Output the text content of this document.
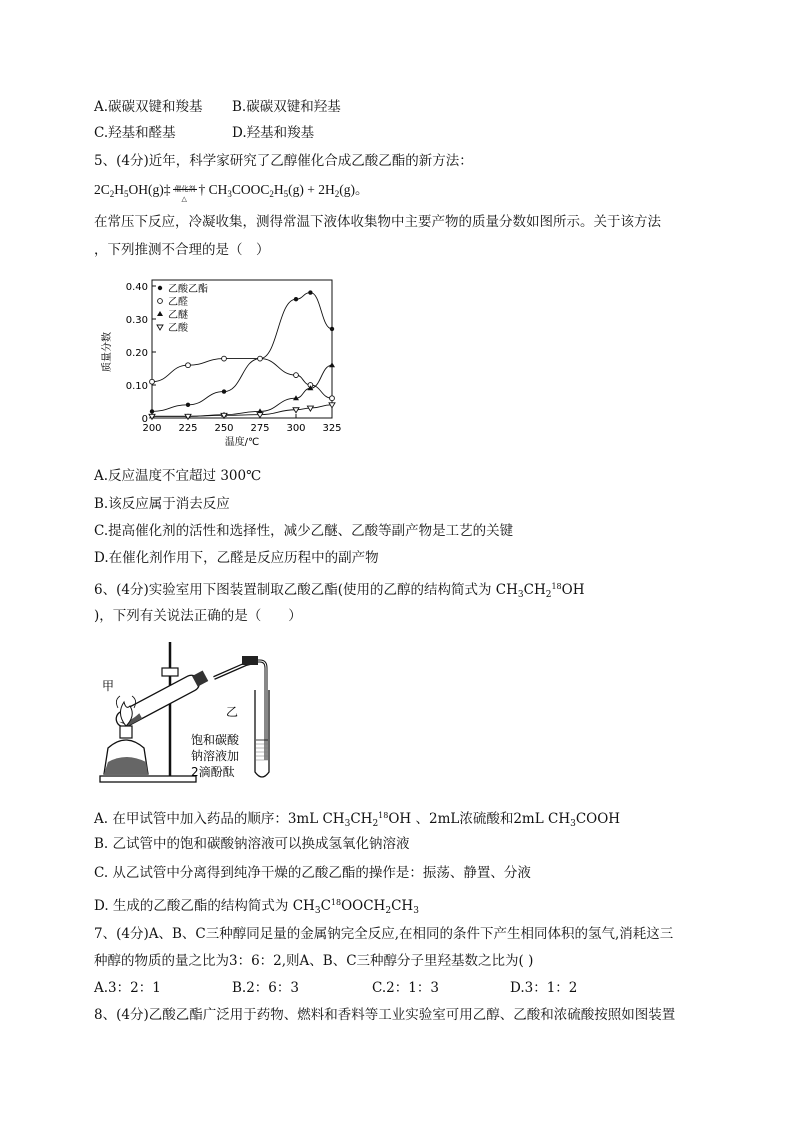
A.碳碳双键和羧基 B.碳碳双键和羟基
C.羟基和醛基	D.羟基和羧基
5、(4分)近年，科学家研究了乙醇催化合成乙酸乙酯的新方法：
$2C_2H_5OH(g)\ddagger$ 催化剂
△
† $CH_3COOC_2H_5(g) + 2H_2(g)$。
在常压下反应，冷凝收集，测得常温下液体收集物中主要产物的质量分数如图所示。关于该方法
，下列推测不合理的是（　）
0
0.10
0.20
0.30
0.40
200 225 250 275 300 325
温度/℃
质量分数
乙酸乙酯
乙醛
乙醚
乙酸
A.反应温度不宜超过 300℃
B.该反应属于消去反应
C.提高催化剂的活性和选择性，减少乙醚、乙酸等副产物是工艺的关键
D.在催化剂作用下，乙醛是反应历程中的副产物
6、(4分)实验室用下图装置制取乙酸乙酯(使用的乙醇的结构简式为 $CH_3CH_2^{18}OH$
)，下列有关说法正确的是（　　）
甲
乙
饱和碳酸
钠溶液加
2滴酚酞
A. 在甲试管中加入药品的顺序：3mL $CH_3CH_2^{18}OH$ 、2mL浓硫酸和2mL $CH_3COOH$
B. 乙试管中的饱和碳酸钠溶液可以换成氢氧化钠溶液
C. 从乙试管中分离得到纯净干燥的乙酸乙酯的操作是：振荡、静置、分液
D. 生成的乙酸乙酯的结构简式为 $CH_3C^{18}OOCH_2CH_3$
7、(4分)A、B、C三种醇同足量的金属钠完全反应,在相同的条件下产生相同体积的氢气,消耗这三
种醇的物质的量之比为3：6：2,则A、B、C三种醇分子里羟基数之比为( )
A.3：2：1	B.2：6：3	C.2：1：3	D.3：1：2
8、(4分)乙酸乙酯广泛用于药物、燃料和香料等工业实验室可用乙醇、乙酸和浓硫酸按照如图装置
